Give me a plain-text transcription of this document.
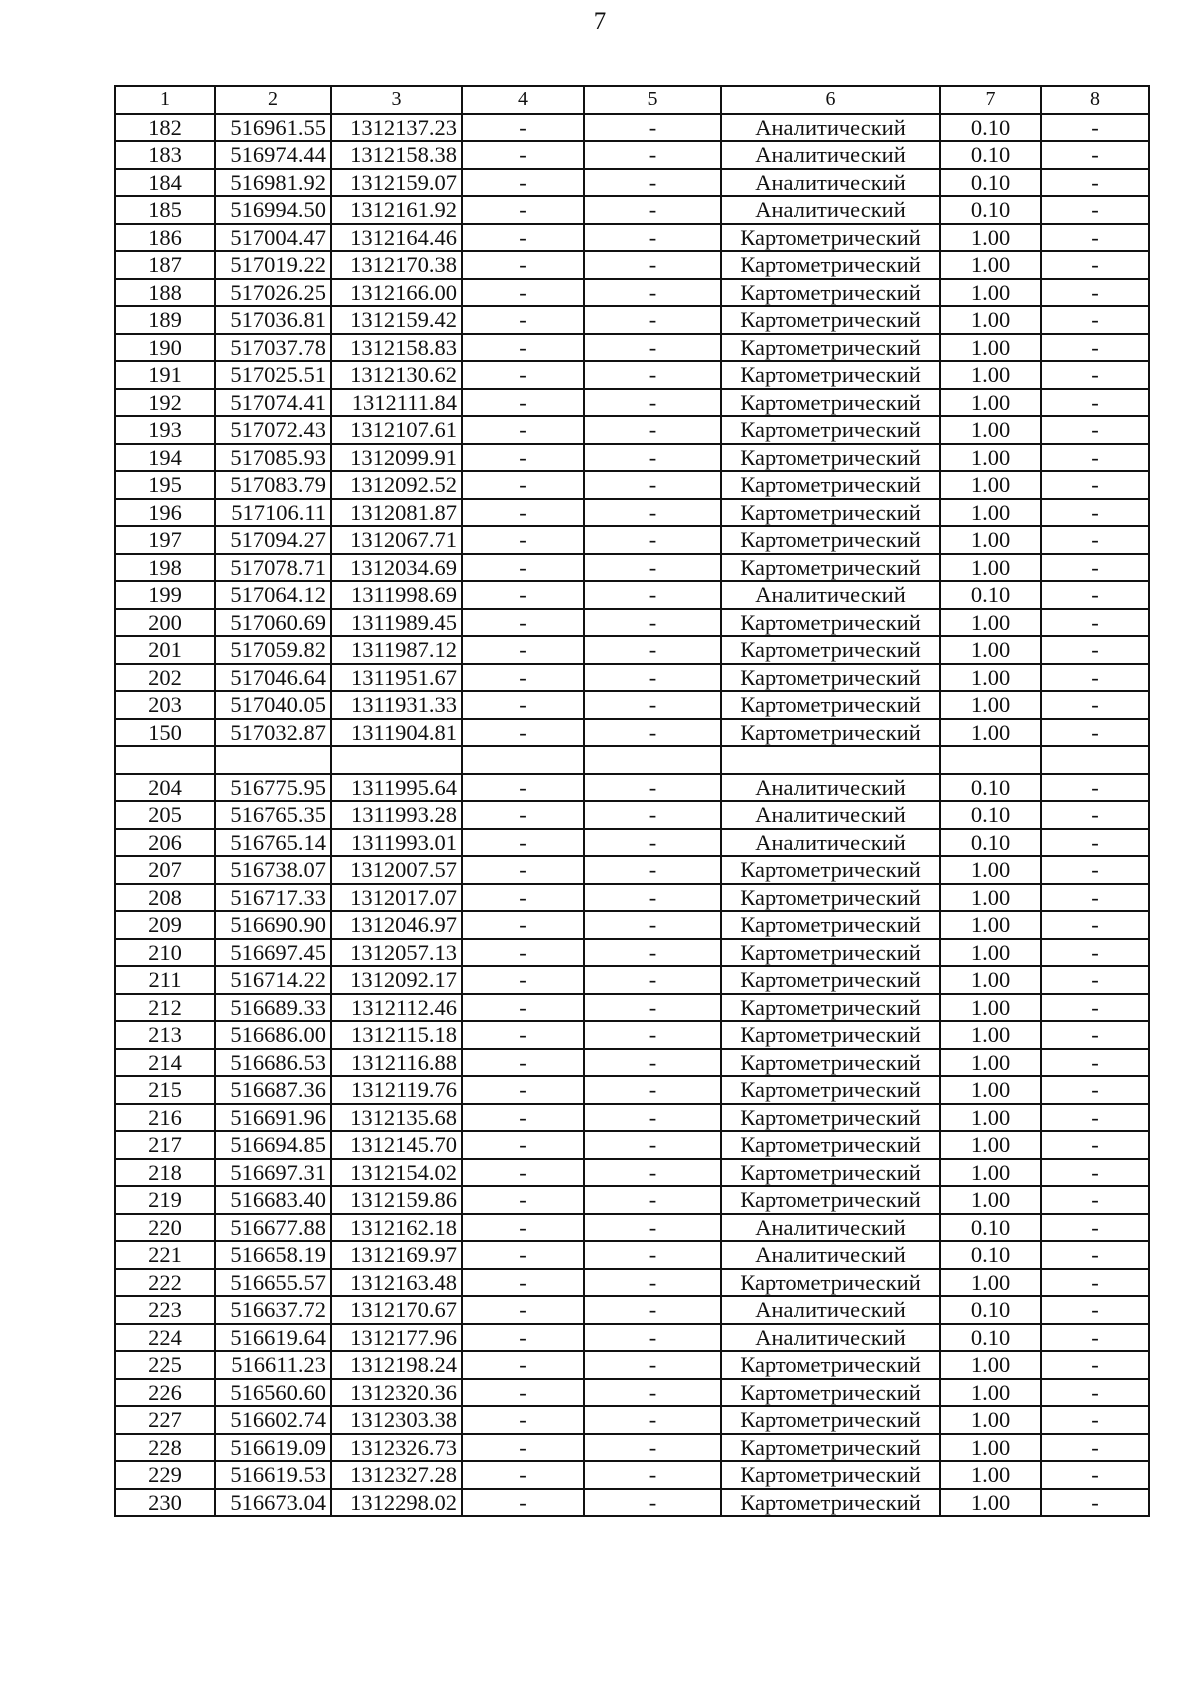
7
1	2	3	4	5	6	7	8
182	516961.55	1312137.23	-	-	Аналитический	0.10	-
183	516974.44	1312158.38	-	-	Аналитический	0.10	-
184	516981.92	1312159.07	-	-	Аналитический	0.10	-
185	516994.50	1312161.92	-	-	Аналитический	0.10	-
186	517004.47	1312164.46	-	-	Картометрический	1.00	-
187	517019.22	1312170.38	-	-	Картометрический	1.00	-
188	517026.25	1312166.00	-	-	Картометрический	1.00	-
189	517036.81	1312159.42	-	-	Картометрический	1.00	-
190	517037.78	1312158.83	-	-	Картометрический	1.00	-
191	517025.51	1312130.62	-	-	Картометрический	1.00	-
192	517074.41	1312111.84	-	-	Картометрический	1.00	-
193	517072.43	1312107.61	-	-	Картометрический	1.00	-
194	517085.93	1312099.91	-	-	Картометрический	1.00	-
195	517083.79	1312092.52	-	-	Картометрический	1.00	-
196	517106.11	1312081.87	-	-	Картометрический	1.00	-
197	517094.27	1312067.71	-	-	Картометрический	1.00	-
198	517078.71	1312034.69	-	-	Картометрический	1.00	-
199	517064.12	1311998.69	-	-	Аналитический	0.10	-
200	517060.69	1311989.45	-	-	Картометрический	1.00	-
201	517059.82	1311987.12	-	-	Картометрический	1.00	-
202	517046.64	1311951.67	-	-	Картометрический	1.00	-
203	517040.05	1311931.33	-	-	Картометрический	1.00	-
150	517032.87	1311904.81	-	-	Картометрический	1.00	-

204	516775.95	1311995.64	-	-	Аналитический	0.10	-
205	516765.35	1311993.28	-	-	Аналитический	0.10	-
206	516765.14	1311993.01	-	-	Аналитический	0.10	-
207	516738.07	1312007.57	-	-	Картометрический	1.00	-
208	516717.33	1312017.07	-	-	Картометрический	1.00	-
209	516690.90	1312046.97	-	-	Картометрический	1.00	-
210	516697.45	1312057.13	-	-	Картометрический	1.00	-
211	516714.22	1312092.17	-	-	Картометрический	1.00	-
212	516689.33	1312112.46	-	-	Картометрический	1.00	-
213	516686.00	1312115.18	-	-	Картометрический	1.00	-
214	516686.53	1312116.88	-	-	Картометрический	1.00	-
215	516687.36	1312119.76	-	-	Картометрический	1.00	-
216	516691.96	1312135.68	-	-	Картометрический	1.00	-
217	516694.85	1312145.70	-	-	Картометрический	1.00	-
218	516697.31	1312154.02	-	-	Картометрический	1.00	-
219	516683.40	1312159.86	-	-	Картометрический	1.00	-
220	516677.88	1312162.18	-	-	Аналитический	0.10	-
221	516658.19	1312169.97	-	-	Аналитический	0.10	-
222	516655.57	1312163.48	-	-	Картометрический	1.00	-
223	516637.72	1312170.67	-	-	Аналитический	0.10	-
224	516619.64	1312177.96	-	-	Аналитический	0.10	-
225	516611.23	1312198.24	-	-	Картометрический	1.00	-
226	516560.60	1312320.36	-	-	Картометрический	1.00	-
227	516602.74	1312303.38	-	-	Картометрический	1.00	-
228	516619.09	1312326.73	-	-	Картометрический	1.00	-
229	516619.53	1312327.28	-	-	Картометрический	1.00	-
230	516673.04	1312298.02	-	-	Картометрический	1.00	-
